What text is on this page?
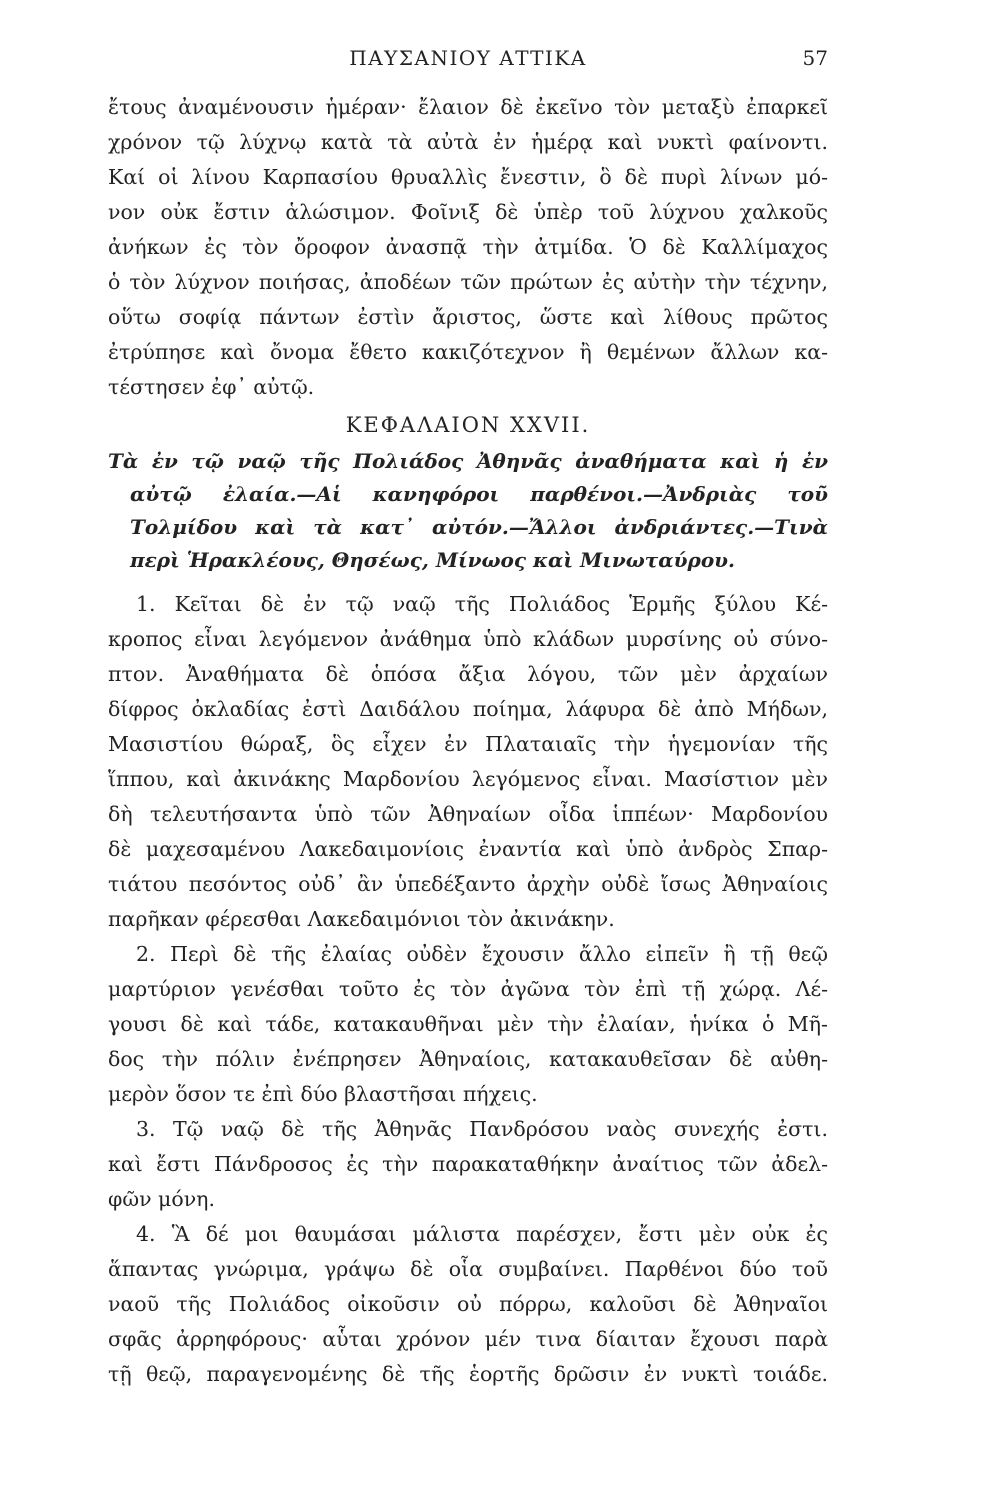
ΠΑΥΣΑΝΙΟΥ ΑΤΤΙΚΑ	57
ἔτους ἀναμένουσιν ἡμέραν· ἔλαιον δὲ ἐκεῖνο τὸν μεταξὺ ἐπαρκεῖ
χρόνον τῷ λύχνῳ κατὰ τὰ αὐτὰ ἐν ἡμέρᾳ καὶ νυκτὶ φαίνοντι.
Καί οἱ λίνου Καρπασίου θρυαλλὶς ἔνεστιν, ὃ δὲ πυρὶ λίνων μό-
νον οὐκ ἔστιν ἁλώσιμον. Φοῖνιξ δὲ ὑπὲρ τοῦ λύχνου χαλκοῦς
ἀνήκων ἐς τὸν ὄροφον ἀνασπᾷ τὴν ἀτμίδα. Ὁ δὲ Καλλίμαχος
ὁ τὸν λύχνον ποιήσας, ἀποδέων τῶν πρώτων ἐς αὐτὴν τὴν τέχνην,
οὕτω σοφίᾳ πάντων ἐστὶν ἄριστος, ὥστε καὶ λίθους πρῶτος
ἐτρύπησε καὶ ὄνομα ἔθετο κακιζότεχνον ἢ θεμένων ἄλλων κα-
τέστησεν ἐφ᾽ αὐτῷ.
ΚΕΦΑΛΑΙΟΝ XXVII.
Τὰ ἐν τῷ ναῷ τῆς Πολιάδος Ἀθηνᾶς ἀναθήματα καὶ ἡ ἐν
αὐτῷ ἐλαία.—Αἱ κανηφόροι παρθένοι.—Ἀνδριὰς τοῦ
Τολμίδου καὶ τὰ κατ᾽ αὐτόν.—Ἄλλοι ἀνδριάντες.—Τινὰ
περὶ Ἡρακλέους, Θησέως, Μίνωος καὶ Μινωταύρου.
1. Κεῖται δὲ ἐν τῷ ναῷ τῆς Πολιάδος Ἑρμῆς ξύλου Κέ-
κροπος εἶναι λεγόμενον ἀνάθημα ὑπὸ κλάδων μυρσίνης οὐ σύνο-
πτον. Ἀναθήματα δὲ ὁπόσα ἄξια λόγου, τῶν μὲν ἀρχαίων
δίφρος ὀκλαδίας ἐστὶ Δαιδάλου ποίημα, λάφυρα δὲ ἀπὸ Μήδων,
Μασιστίου θώραξ, ὃς εἶχεν ἐν Πλαταιαῖς τὴν ἡγεμονίαν τῆς
ἵππου, καὶ ἀκινάκης Μαρδονίου λεγόμενος εἶναι. Μασίστιον μὲν
δὴ τελευτήσαντα ὑπὸ τῶν Ἀθηναίων οἶδα ἱππέων· Μαρδονίου
δὲ μαχεσαμένου Λακεδαιμονίοις ἐναντία καὶ ὑπὸ ἀνδρὸς Σπαρ-
τιάτου πεσόντος οὐδ᾽ ἂν ὑπεδέξαντο ἀρχὴν οὐδὲ ἴσως Ἀθηναίοις
παρῆκαν φέρεσθαι Λακεδαιμόνιοι τὸν ἀκινάκην.
2. Περὶ δὲ τῆς ἐλαίας οὐδὲν ἔχουσιν ἄλλο εἰπεῖν ἢ τῇ θεῷ
μαρτύριον γενέσθαι τοῦτο ἐς τὸν ἀγῶνα τὸν ἐπὶ τῇ χώρᾳ. Λέ-
γουσι δὲ καὶ τάδε, κατακαυθῆναι μὲν τὴν ἐλαίαν, ἡνίκα ὁ Μῆ-
δος τὴν πόλιν ἐνέπρησεν Ἀθηναίοις, κατακαυθεῖσαν δὲ αὐθη-
μερὸν ὅσον τε ἐπὶ δύο βλαστῆσαι πήχεις.
3. Τῷ ναῷ δὲ τῆς Ἀθηνᾶς Πανδρόσου ναὸς συνεχής ἐστι.
καὶ ἔστι Πάνδροσος ἐς τὴν παρακαταθήκην ἀναίτιος τῶν ἀδελ-
φῶν μόνη.
4. Ἃ δέ μοι θαυμάσαι μάλιστα παρέσχεν, ἔστι μὲν οὐκ ἐς
ἅπαντας γνώριμα, γράψω δὲ οἷα συμβαίνει. Παρθένοι δύο τοῦ
ναοῦ τῆς Πολιάδος οἰκοῦσιν οὐ πόρρω, καλοῦσι δὲ Ἀθηναῖοι
σφᾶς ἀρρηφόρους· αὗται χρόνον μέν τινα δίαιταν ἔχουσι παρὰ
τῇ θεῷ, παραγενομένης δὲ τῆς ἑορτῆς δρῶσιν ἐν νυκτὶ τοιάδε.
